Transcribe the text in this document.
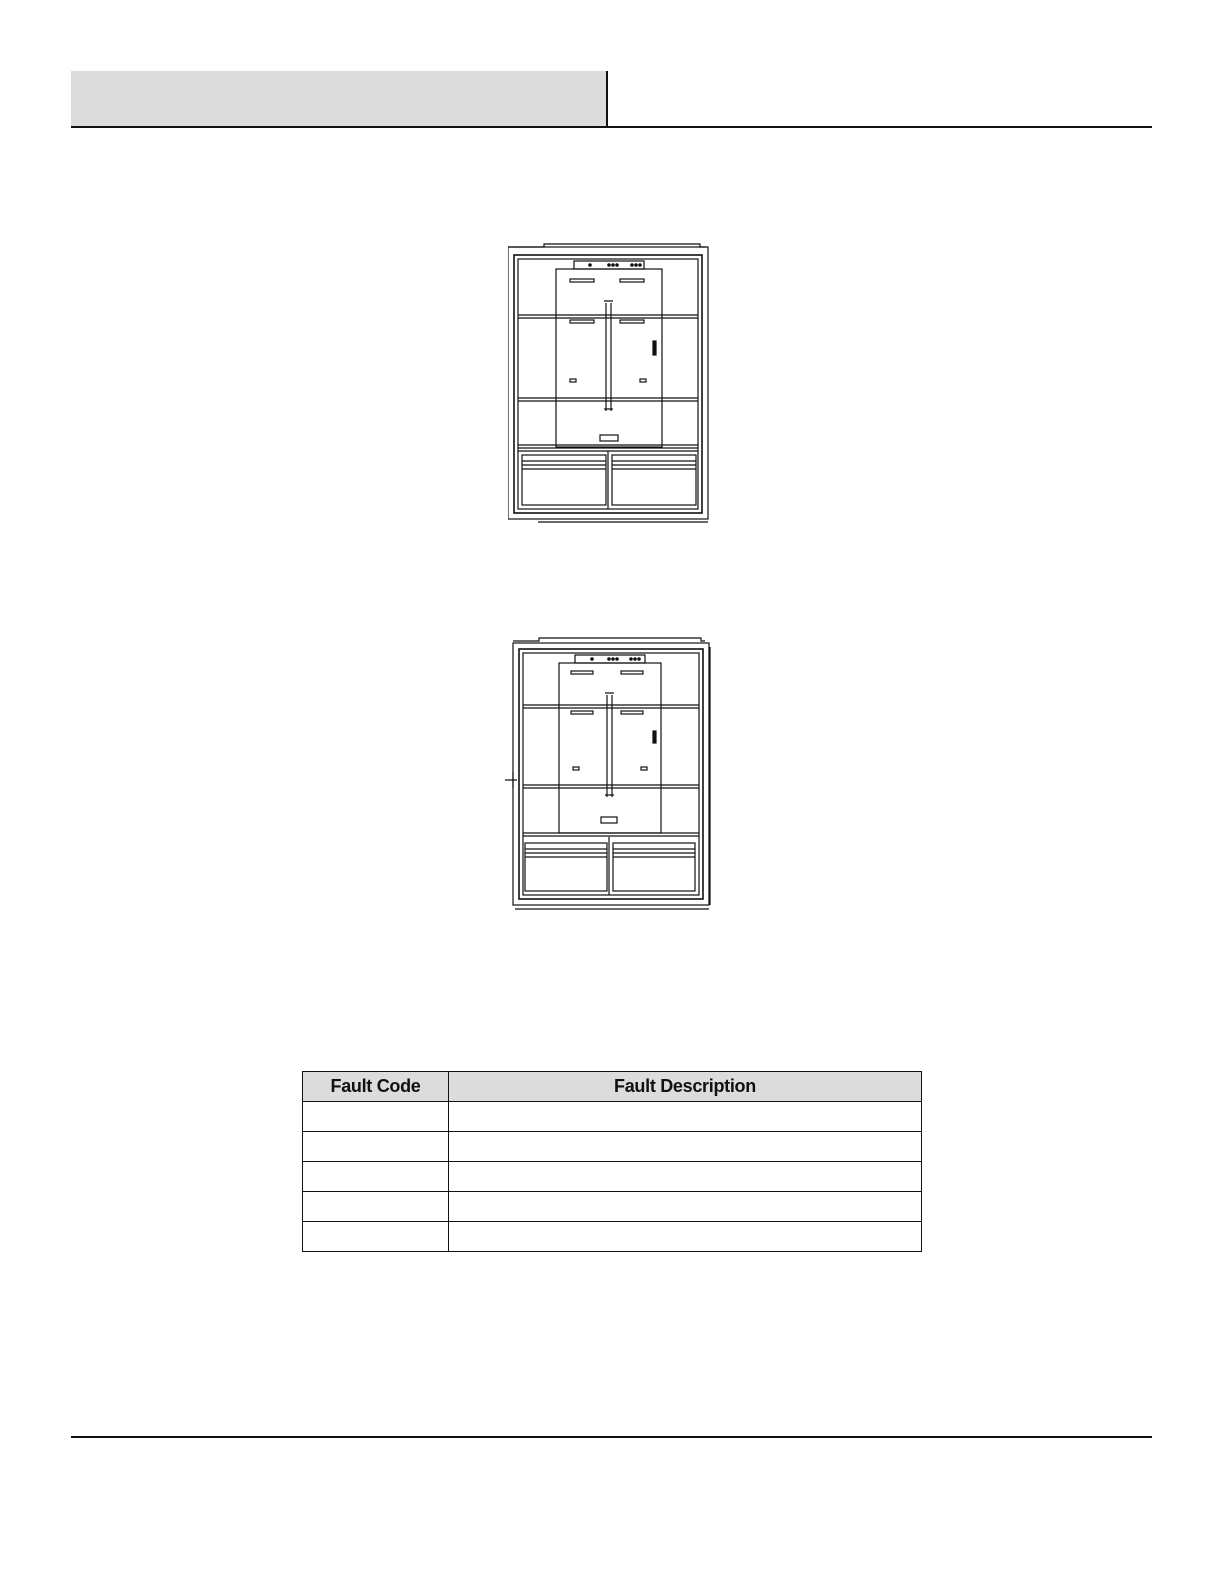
Fault Code	Fault Description
